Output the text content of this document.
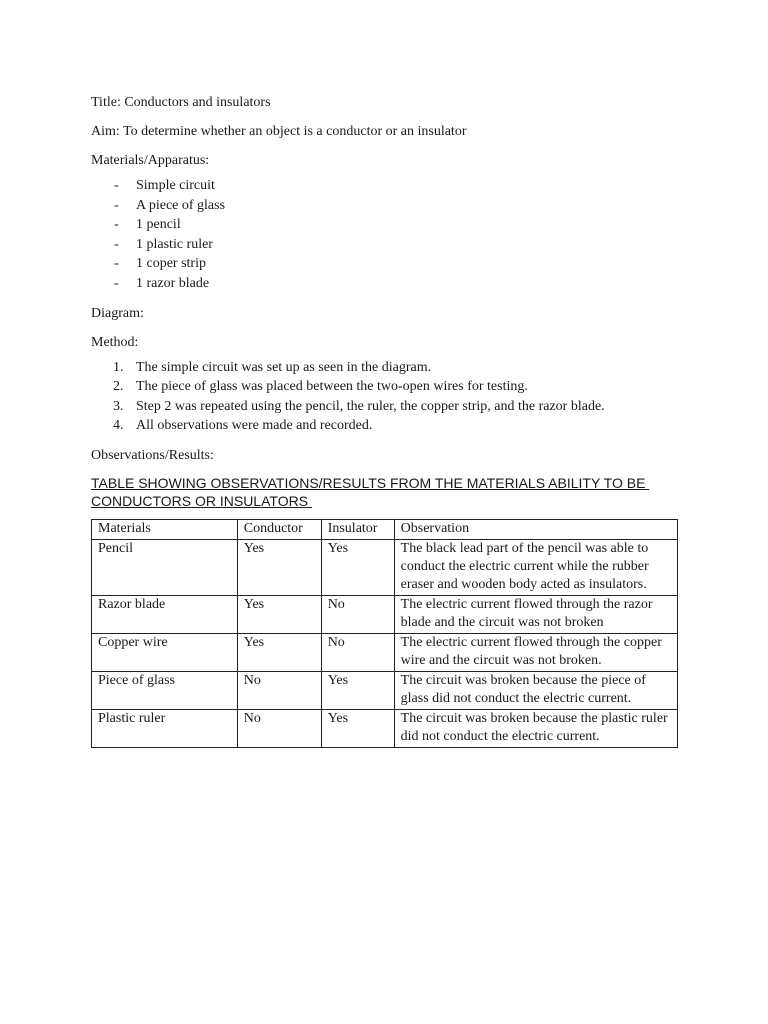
Title: Conductors and insulators

Aim: To determine whether an object is a conductor or an insulator

Materials/Apparatus:

- Simple circuit
- A piece of glass
- 1 pencil
- 1 plastic ruler
- 1 coper strip
- 1 razor blade

Diagram:

Method:

1. The simple circuit was set up as seen in the diagram.
2. The piece of glass was placed between the two-open wires for testing.
3. Step 2 was repeated using the pencil, the ruler, the copper strip, and the razor blade.
4. All observations were made and recorded.

Observations/Results:

TABLE SHOWING OBSERVATIONS/RESULTS FROM THE MATERIALS ABILITY TO BE CONDUCTORS OR INSULATORS

Materials	Conductor	Insulator	Observation
Pencil	Yes	Yes	The black lead part of the pencil was able to conduct the electric current while the rubber eraser and wooden body acted as insulators.
Razor blade	Yes	No	The electric current flowed through the razor blade and the circuit was not broken
Copper wire	Yes	No	The electric current flowed through the copper wire and the circuit was not broken.
Piece of glass	No	Yes	The circuit was broken because the piece of glass did not conduct the electric current.
Plastic ruler	No	Yes	The circuit was broken because the plastic ruler did not conduct the electric current.
